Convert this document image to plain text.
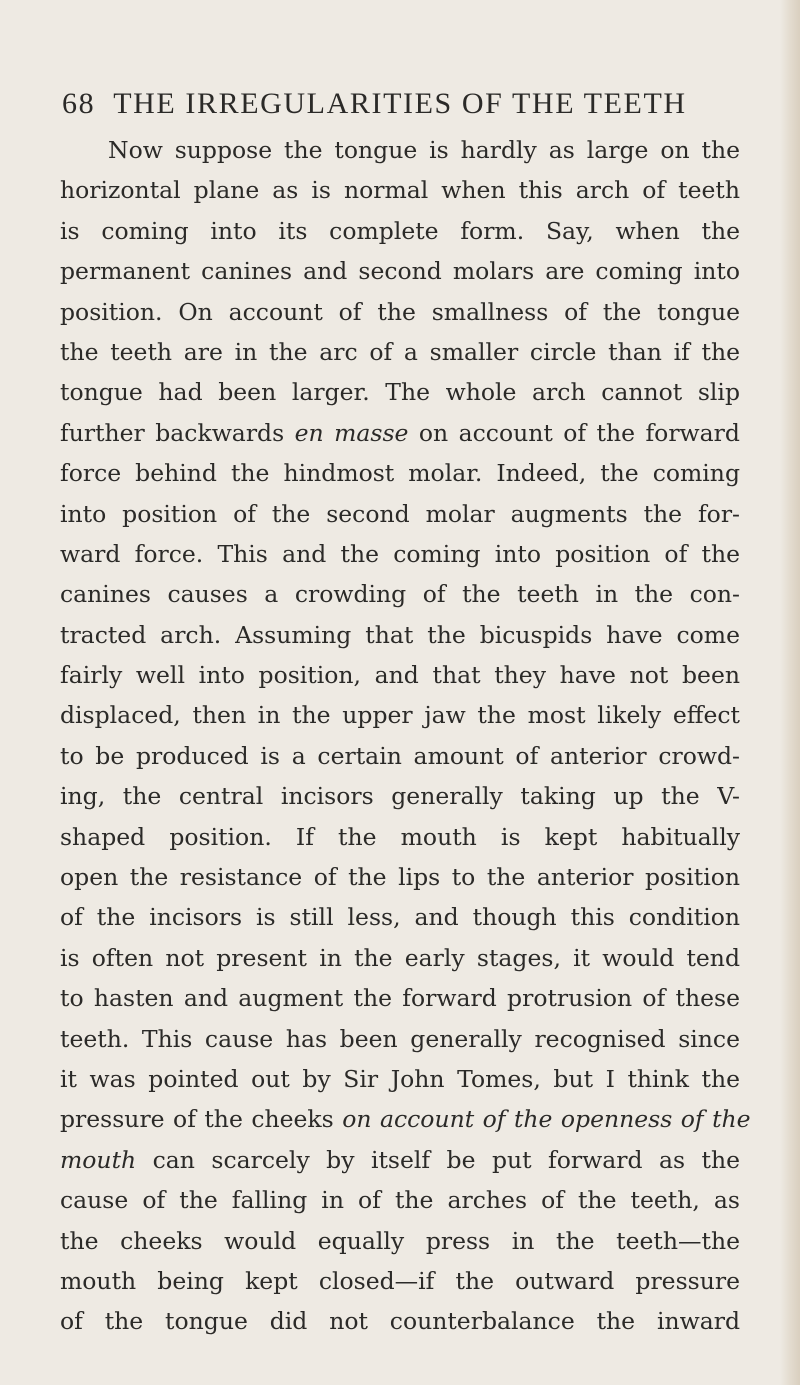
68 THE IRREGULARITIES OF THE TEETH
Now suppose the tongue is hardly as large on the
horizontal plane as is normal when this arch of teeth
is coming into its complete form. Say, when the
permanent canines and second molars are coming into
position. On account of the smallness of the tongue
the teeth are in the arc of a smaller circle than if the
tongue had been larger. The whole arch cannot slip
further backwards en masse on account of the forward
force behind the hindmost molar. Indeed, the coming
into position of the second molar augments the for-
ward force. This and the coming into position of the
canines causes a crowding of the teeth in the con-
tracted arch. Assuming that the bicuspids have come
fairly well into position, and that they have not been
displaced, then in the upper jaw the most likely effect
to be produced is a certain amount of anterior crowd-
ing, the central incisors generally taking up the V-
shaped position. If the mouth is kept habitually
open the resistance of the lips to the anterior position
of the incisors is still less, and though this condition
is often not present in the early stages, it would tend
to hasten and augment the forward protrusion of these
teeth. This cause has been generally recognised since
it was pointed out by Sir John Tomes, but I think the
pressure of the cheeks on account of the openness of the
mouth can scarcely by itself be put forward as the
cause of the falling in of the arches of the teeth, as
the cheeks would equally press in the teeth—the
mouth being kept closed—if the outward pressure
of the tongue did not counterbalance the inward
